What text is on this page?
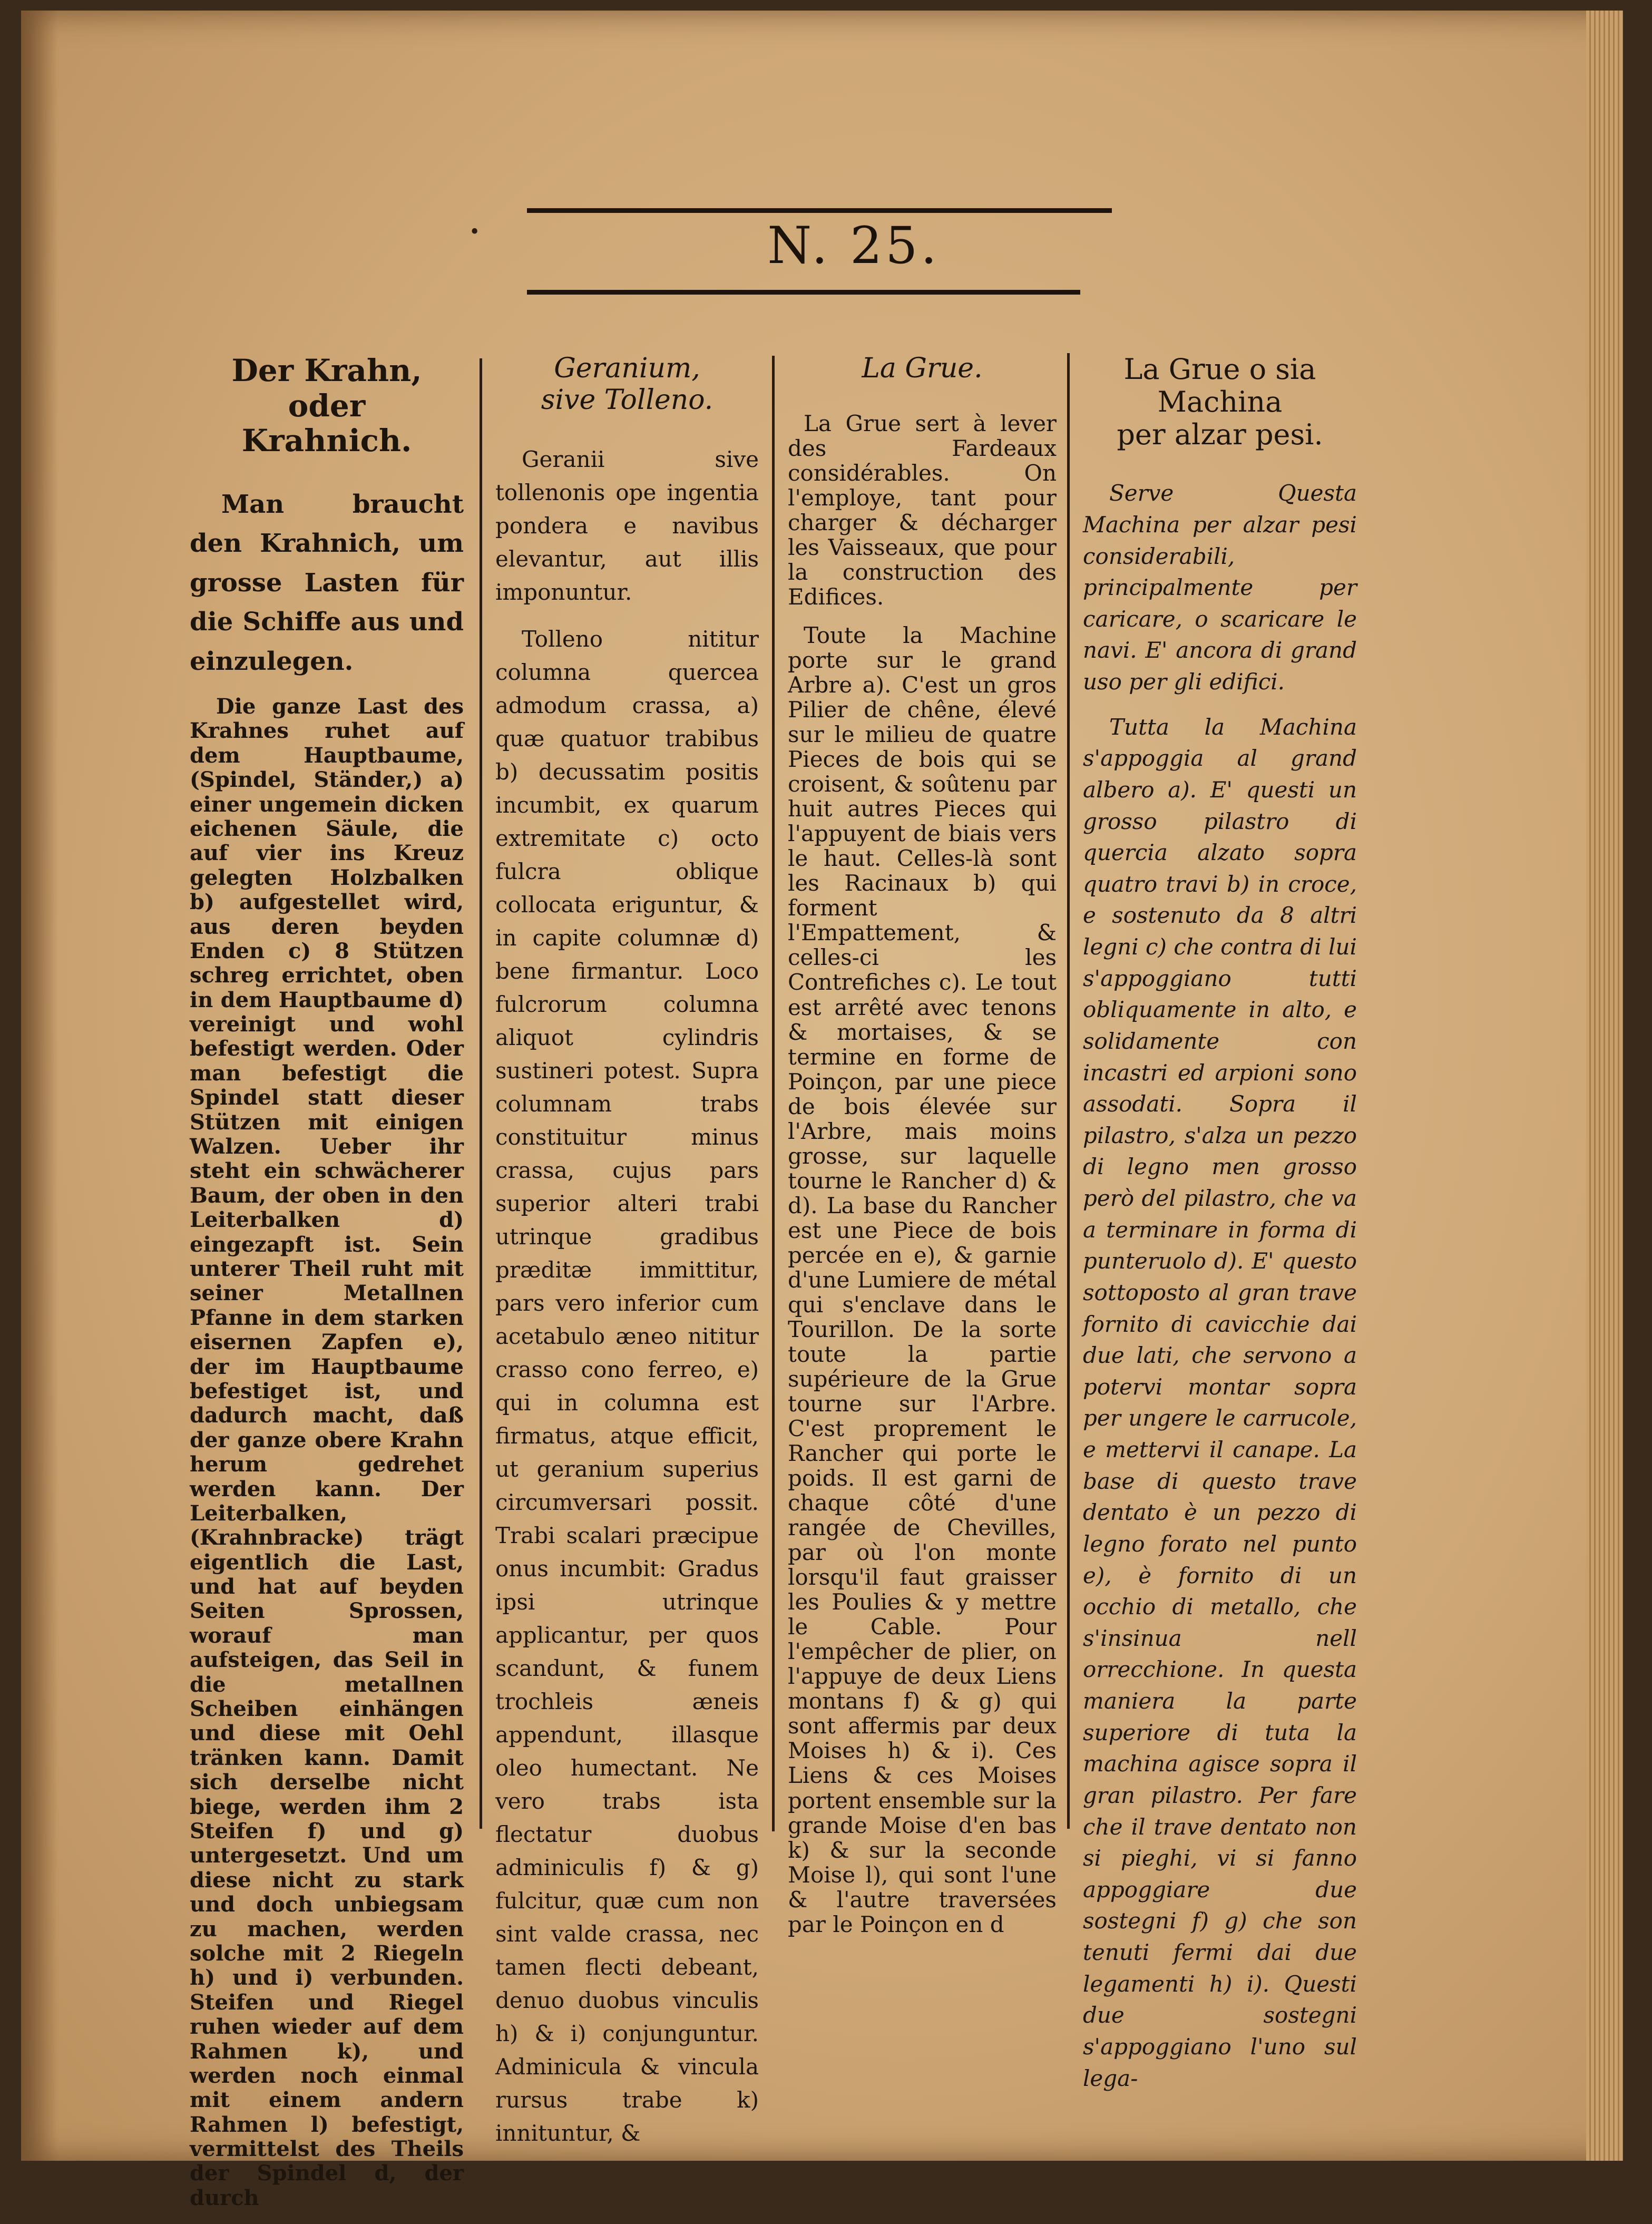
N. 25.
•
Der Krahn, oder
Krahnich.

Man braucht den Krahnich, um grosse Lasten für die Schiffe aus und einzulegen.

Die ganze Last des Krahnes ruhet auf dem Hauptbaume, (Spindel, Ständer,) a) einer ungemein dicken eichenen Säule, die auf vier ins Kreuz gelegten Holzbalken b) aufgestellet wird, aus deren beyden Enden c) 8 Stützen schreg errichtet, oben in dem Hauptbaume d) vereinigt und wohl befestigt werden. Oder man befestigt die Spindel statt dieser Stützen mit einigen Walzen. Ueber ihr steht ein schwächerer Baum, der oben in den Leiterbalken d) eingezapft ist. Sein unterer Theil ruht mit seiner Metallnen Pfanne in dem starken eisernen Zapfen e), der im Hauptbaume befestiget ist, und dadurch macht, daß der ganze obere Krahn herum gedrehet werden kann. Der Leiterbalken, (Krahnbracke) trägt eigentlich die Last, und hat auf beyden Seiten Sprossen, worauf man aufsteigen, das Seil in die metallnen Scheiben einhängen und diese mit Oehl tränken kann. Damit sich derselbe nicht biege, werden ihm 2 Steifen f) und g) untergesetzt. Und um diese nicht zu stark und doch unbiegsam zu machen, werden solche mit 2 Riegeln h) und i) verbunden. Steifen und Riegel ruhen wieder auf dem Rahmen k), und werden noch einmal mit einem andern Rahmen l) befestigt, vermittelst des Theils der Spindel d, der durch

Geranium,
sive Tolleno.

Geranii sive tollenonis ope ingentia pondera e navibus elevantur, aut illis imponuntur.

Tolleno nititur columna quercea admodum crassa, a) quæ quatuor trabibus b) decussatim positis incumbit, ex quarum extremitate c) octo fulcra oblique collocata eriguntur, & in capite columnæ d) bene firmantur. Loco fulcrorum columna aliquot cylindris sustineri potest. Supra columnam trabs constituitur minus crassa, cujus pars superior alteri trabi utrinque gradibus præditæ immittitur, pars vero inferior cum acetabulo æneo nititur crasso cono ferreo, e) qui in columna est firmatus, atque efficit, ut geranium superius circumversari possit. Trabi scalari præcipue onus incumbit: Gradus ipsi utrinque applicantur, per quos scandunt, & funem trochleis æneis appendunt, illasque oleo humectant. Ne vero trabs ista flectatur duobus adminiculis f) & g) fulcitur, quæ cum non sint valde crassa, nec tamen flecti debeant, denuo duobus vinculis h) & i) conjunguntur. Adminicula & vincula rursus trabe k) innituntur, &

La Grue.

La Grue sert à lever des Fardeaux considérables. On l'employe, tant pour charger & décharger les Vaisseaux, que pour la construction des Edifices.

Toute la Machine porte sur le grand Arbre a). C'est un gros Pilier de chêne, élevé sur le milieu de quatre Pieces de bois qui se croisent, & soûtenu par huit autres Pieces qui l'appuyent de biais vers le haut. Celles-là sont les Racinaux b) qui forment l'Empattement, & celles-ci les Contrefiches c). Le tout est arrêté avec tenons & mortaises, & se termine en forme de Poinçon, par une piece de bois élevée sur l'Arbre, mais moins grosse, sur laquelle tourne le Rancher d) & d). La base du Rancher est une Piece de bois percée en e), & garnie d'une Lumiere de métal qui s'enclave dans le Tourillon. De la sorte toute la partie supérieure de la Grue tourne sur l'Arbre. C'est proprement le Rancher qui porte le poids. Il est garni de chaque côté d'une rangée de Chevilles, par où l'on monte lorsqu'il faut graisser les Poulies & y mettre le Cable. Pour l'empêcher de plier, on l'appuye de deux Liens montans f) & g) qui sont affermis par deux Moises h) & i). Ces Liens & ces Moises portent ensemble sur la grande Moise d'en bas k) & sur la seconde Moise l), qui sont l'une & l'autre traversées par le Poinçon en d

La Grue o sia Machina
per alzar pesi.

Serve Questa Machina per alzar pesi considerabili, principalmente per caricare, o scaricare le navi. E' ancora di grand uso per gli edifici.

Tutta la Machina s'appoggia al grand albero a). E' questi un grosso pilastro di quercia alzato sopra quatro travi b) in croce, e sostenuto da 8 altri legni c) che contra di lui s'appoggiano tutti obliquamente in alto, e solidamente con incastri ed arpioni sono assodati. Sopra il pilastro, s'alza un pezzo di legno men grosso però del pilastro, che va a terminare in forma di punteruolo d). E' questo sottoposto al gran trave fornito di cavicchie dai due lati, che servono a potervi montar sopra per ungere le carrucole, e mettervi il canape. La base di questo trave dentato è un pezzo di legno forato nel punto e), è fornito di un occhio di metallo, che s'insinua nell orrecchione. In questa maniera la parte superiore di tuta la machina agisce sopra il gran pilastro. Per fare che il trave dentato non si pieghi, vi si fanno appoggiare due sostegni f) g) che son tenuti fermi dai due legamenti h) i). Questi due sostegni s'appoggiano l'uno sul lega-
